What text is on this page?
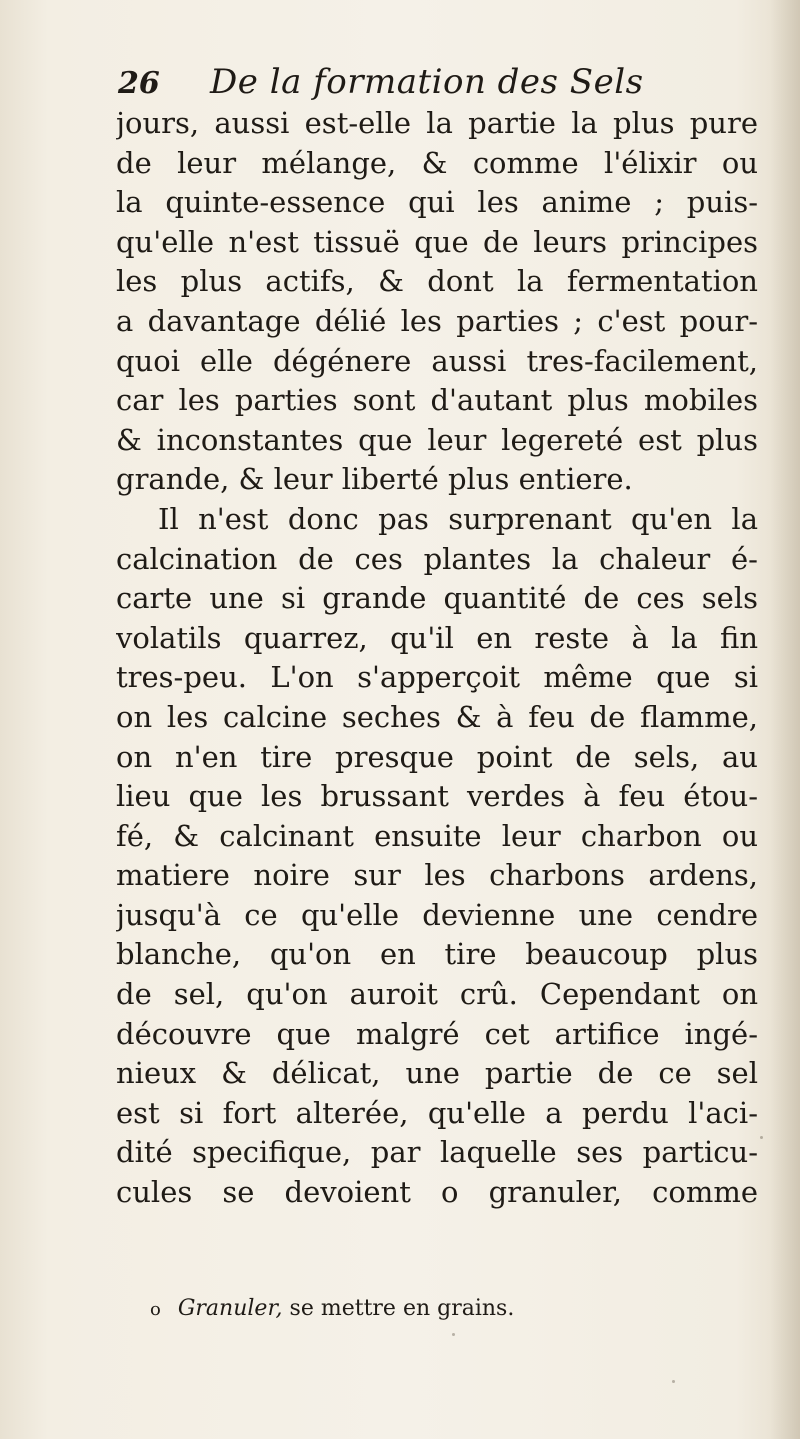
26 De la formation des Sels
jours, aussi est-elle la partie la plus pure
de leur mélange, & comme l'élixir ou
la quinte-essence qui les anime ; puis-
qu'elle n'est tissuë que de leurs principes
les plus actifs, & dont la fermentation
a davantage délié les parties ; c'est pour-
quoi elle dégénere aussi tres-facilement,
car les parties sont d'autant plus mobiles
& inconstantes que leur legereté est plus
grande, & leur liberté plus entiere.
Il n'est donc pas surprenant qu'en la
calcination de ces plantes la chaleur é-
carte une si grande quantité de ces sels
volatils quarrez, qu'il en reste à la fin
tres-peu. L'on s'apperçoit même que si
on les calcine seches & à feu de flamme,
on n'en tire presque point de sels, au
lieu que les brussant verdes à feu étou-
fé, & calcinant ensuite leur charbon ou
matiere noire sur les charbons ardens,
jusqu'à ce qu'elle devienne une cendre
blanche, qu'on en tire beaucoup plus
de sel, qu'on auroit crû. Cependant on
découvre que malgré cet artifice ingé-
nieux & délicat, une partie de ce sel
est si fort alterée, qu'elle a perdu l'aci-
dité specifique, par laquelle ses particu-
cules se devoient o granuler, comme
o Granuler, se mettre en grains.
